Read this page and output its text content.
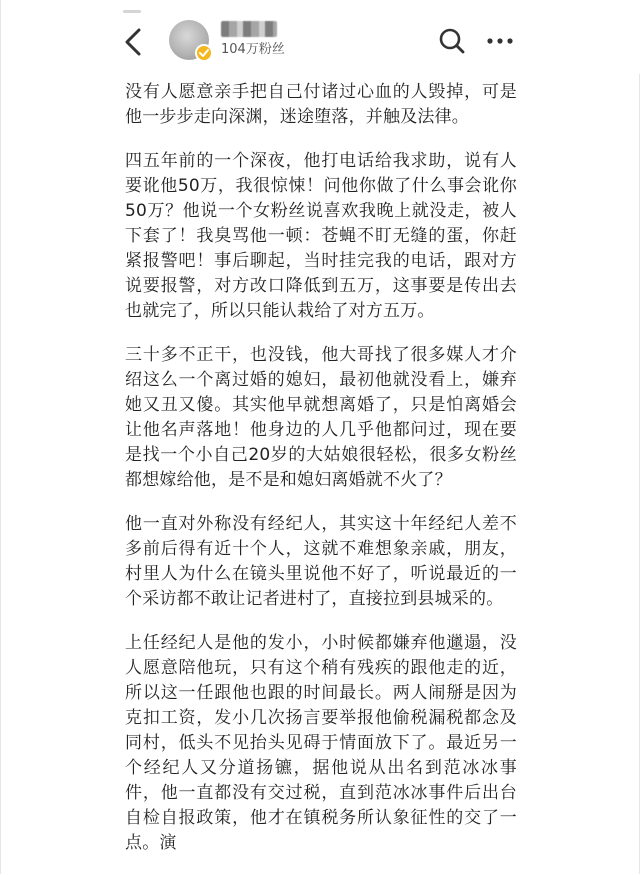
104万粉丝

没有人愿意亲手把自己付诸过心血的人毁掉，可是他一步步走向深渊，迷途堕落，并触及法律。

四五年前的一个深夜，他打电话给我求助，说有人要讹他50万，我很惊悚！问他你做了什么事会讹你50万？他说一个女粉丝说喜欢我晚上就没走，被人下套了！我臭骂他一顿：苍蝇不盯无缝的蛋，你赶紧报警吧！事后聊起，当时挂完我的电话，跟对方说要报警，对方改口降低到五万，这事要是传出去也就完了，所以只能认栽给了对方五万。

三十多不正干，也没钱，他大哥找了很多媒人才介绍这么一个离过婚的媳妇，最初他就没看上，嫌弃她又丑又傻。其实他早就想离婚了，只是怕离婚会让他名声落地！他身边的人几乎他都问过，现在要是找一个小自己20岁的大姑娘很轻松，很多女粉丝都想嫁给他，是不是和媳妇离婚就不火了？

他一直对外称没有经纪人，其实这十年经纪人差不多前后得有近十个人，这就不难想象亲戚，朋友，村里人为什么在镜头里说他不好了，听说最近的一个采访都不敢让记者进村了，直接拉到县城采的。

上任经纪人是他的发小，小时候都嫌弃他邋遢，没人愿意陪他玩，只有这个稍有残疾的跟他走的近，所以这一任跟他也跟的时间最长。两人闹掰是因为克扣工资，发小几次扬言要举报他偷税漏税都念及同村，低头不见抬头见碍于情面放下了。最近另一个经纪人又分道扬镳，据他说从出名到范冰冰事件，他一直都没有交过税，直到范冰冰事件后出台自检自报政策，他才在镇税务所认象征性的交了一点。演
